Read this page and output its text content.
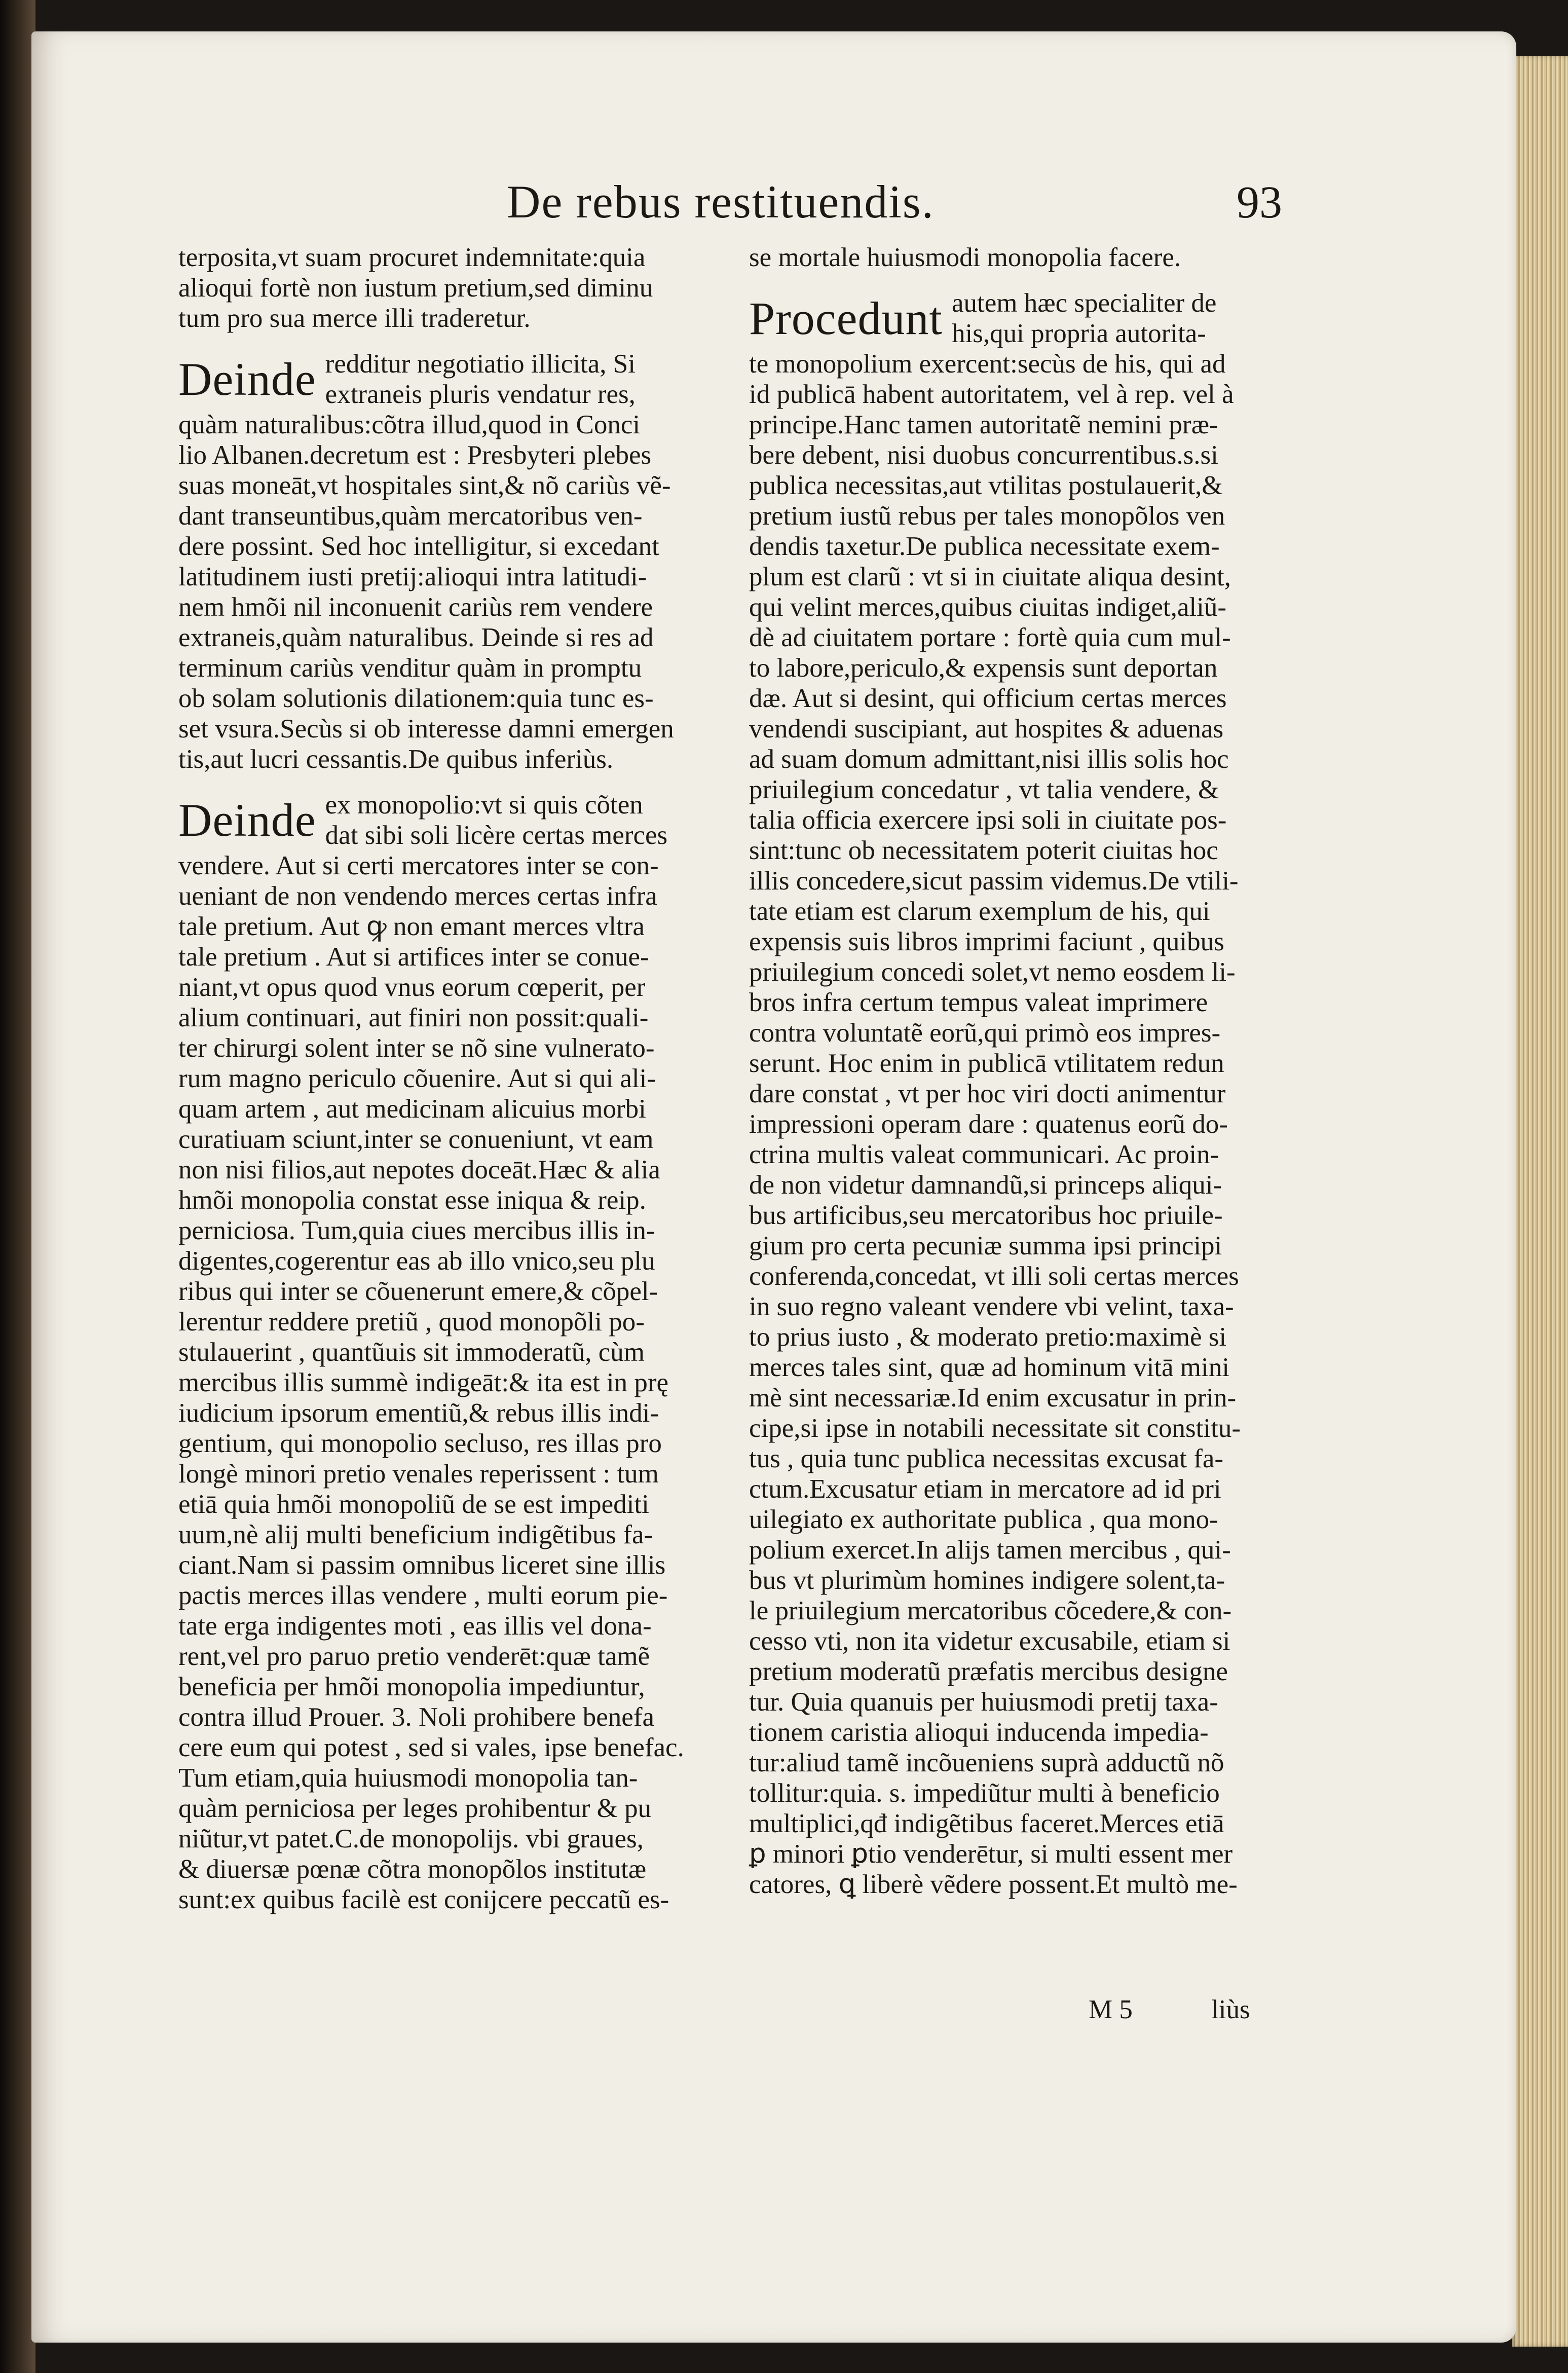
De rebus restituendis.	93
terposita,vt suam procuret indemnitate:quia
alioqui fortè non iustum pretium,sed diminu
tum pro sua merce illi traderetur.
Deinde redditur negotiatio illicita, Si
extraneis pluris vendatur res,
quàm naturalibus:cõtra illud,quod in Conci
lio Albanen.decretum est : Presbyteri plebes
suas moneāt,vt hospitales sint,& nõ cariùs vẽ-
dant transeuntibus,quàm mercatoribus ven-
dere possint. Sed hoc intelligitur, si excedant
latitudinem iusti pretij:alioqui intra latitudi-
nem hmõi nil inconuenit cariùs rem vendere
extraneis,quàm naturalibus. Deinde si res ad
terminum cariùs venditur quàm in promptu
ob solam solutionis dilationem:quia tunc es-
set vsura.Secùs si ob interesse damni emergen
tis,aut lucri cessantis.De quibus inferiùs.
Deinde ex monopolio:vt si quis cõten
dat sibi soli licère certas merces
vendere. Aut si certi mercatores inter se con-
ueniant de non vendendo merces certas infra
tale pretium. Aut ꝙ non emant merces vltra
tale pretium . Aut si artifices inter se conue-
niant,vt opus quod vnus eorum cœperit, per
alium continuari, aut finiri non possit:quali-
ter chirurgi solent inter se nõ sine vulnerato-
rum magno periculo cõuenire. Aut si qui ali-
quam artem , aut medicinam alicuius morbi
curatiuam sciunt,inter se conueniunt, vt eam
non nisi filios,aut nepotes doceāt.Hæc & alia
hmõi monopolia constat esse iniqua & reip.
perniciosa. Tum,quia ciues mercibus illis in-
digentes,cogerentur eas ab illo vnico,seu plu
ribus qui inter se cõuenerunt emere,& cõpel-
lerentur reddere pretiũ , quod monopõli po-
stulauerint , quantũuis sit immoderatũ, cùm
mercibus illis summè indigeāt:& ita est in prę
iudicium ipsorum ementiũ,& rebus illis indi-
gentium, qui monopolio secluso, res illas pro
longè minori pretio venales reperissent : tum
etiā quia hmõi monopoliũ de se est impediti
uum,nè alij multi beneficium indigẽtibus fa-
ciant.Nam si passim omnibus liceret sine illis
pactis merces illas vendere , multi eorum pie-
tate erga indigentes moti , eas illis vel dona-
rent,vel pro paruo pretio venderēt:quæ tamẽ
beneficia per hmõi monopolia impediuntur,
contra illud Prouer. 3. Noli prohibere benefa
cere eum qui potest , sed si vales, ipse benefac.
Tum etiam,quia huiusmodi monopolia tan-
quàm perniciosa per leges prohibentur & pu
niũtur,vt patet.C.de monopolijs. vbi graues,
& diuersæ pœnæ cõtra monopõlos institutæ
sunt:ex quibus facilè est conijcere peccatũ es-
se mortale huiusmodi monopolia facere.
Procedunt autem hæc specialiter de
his,qui propria autorita-
te monopolium exercent:secùs de his, qui ad
id publicā habent autoritatem, vel à rep. vel à
principe.Hanc tamen autoritatẽ nemini præ-
bere debent, nisi duobus concurrentibus.s.si
publica necessitas,aut vtilitas postulauerit,&
pretium iustũ rebus per tales monopõlos ven
dendis taxetur.De publica necessitate exem-
plum est clarũ : vt si in ciuitate aliqua desint,
qui velint merces,quibus ciuitas indiget,aliũ-
dè ad ciuitatem portare : fortè quia cum mul-
to labore,periculo,& expensis sunt deportan
dæ. Aut si desint, qui officium certas merces
vendendi suscipiant, aut hospites & aduenas
ad suam domum admittant,nisi illis solis hoc
priuilegium concedatur , vt talia vendere, &
talia officia exercere ipsi soli in ciuitate pos-
sint:tunc ob necessitatem poterit ciuitas hoc
illis concedere,sicut passim videmus.De vtili-
tate etiam est clarum exemplum de his, qui
expensis suis libros imprimi faciunt , quibus
priuilegium concedi solet,vt nemo eosdem li-
bros infra certum tempus valeat imprimere
contra voluntatẽ eorũ,qui primò eos impres-
serunt. Hoc enim in publicā vtilitatem redun
dare constat , vt per hoc viri docti animentur
impressioni operam dare : quatenus eorũ do-
ctrina multis valeat communicari. Ac proin-
de non videtur damnandũ,si princeps aliqui-
bus artificibus,seu mercatoribus hoc priuile-
gium pro certa pecuniæ summa ipsi principi
conferenda,concedat, vt illi soli certas merces
in suo regno valeant vendere vbi velint, taxa-
to prius iusto , & moderato pretio:maximè si
merces tales sint, quæ ad hominum vitā mini
mè sint necessariæ.Id enim excusatur in prin-
cipe,si ipse in notabili necessitate sit constitu-
tus , quia tunc publica necessitas excusat fa-
ctum.Excusatur etiam in mercatore ad id pri
uilegiato ex authoritate publica , qua mono-
polium exercet.In alijs tamen mercibus , qui-
bus vt plurimùm homines indigere solent,ta-
le priuilegium mercatoribus cõcedere,& con-
cesso vti, non ita videtur excusabile, etiam si
pretium moderatũ præfatis mercibus designe
tur. Quia quanuis per huiusmodi pretij taxa-
tionem caristia alioqui inducenda impedia-
tur:aliud tamẽ incõueniens suprà adductũ nõ
tollitur:quia. s. impediũtur multi à beneficio
multiplici,qđ indigẽtibus faceret.Merces etiā
ꝑ minori ꝑtio venderētur, si multi essent mer
catores, ꝗ liberè vẽdere possent.Et multò me-
M 5	liùs
